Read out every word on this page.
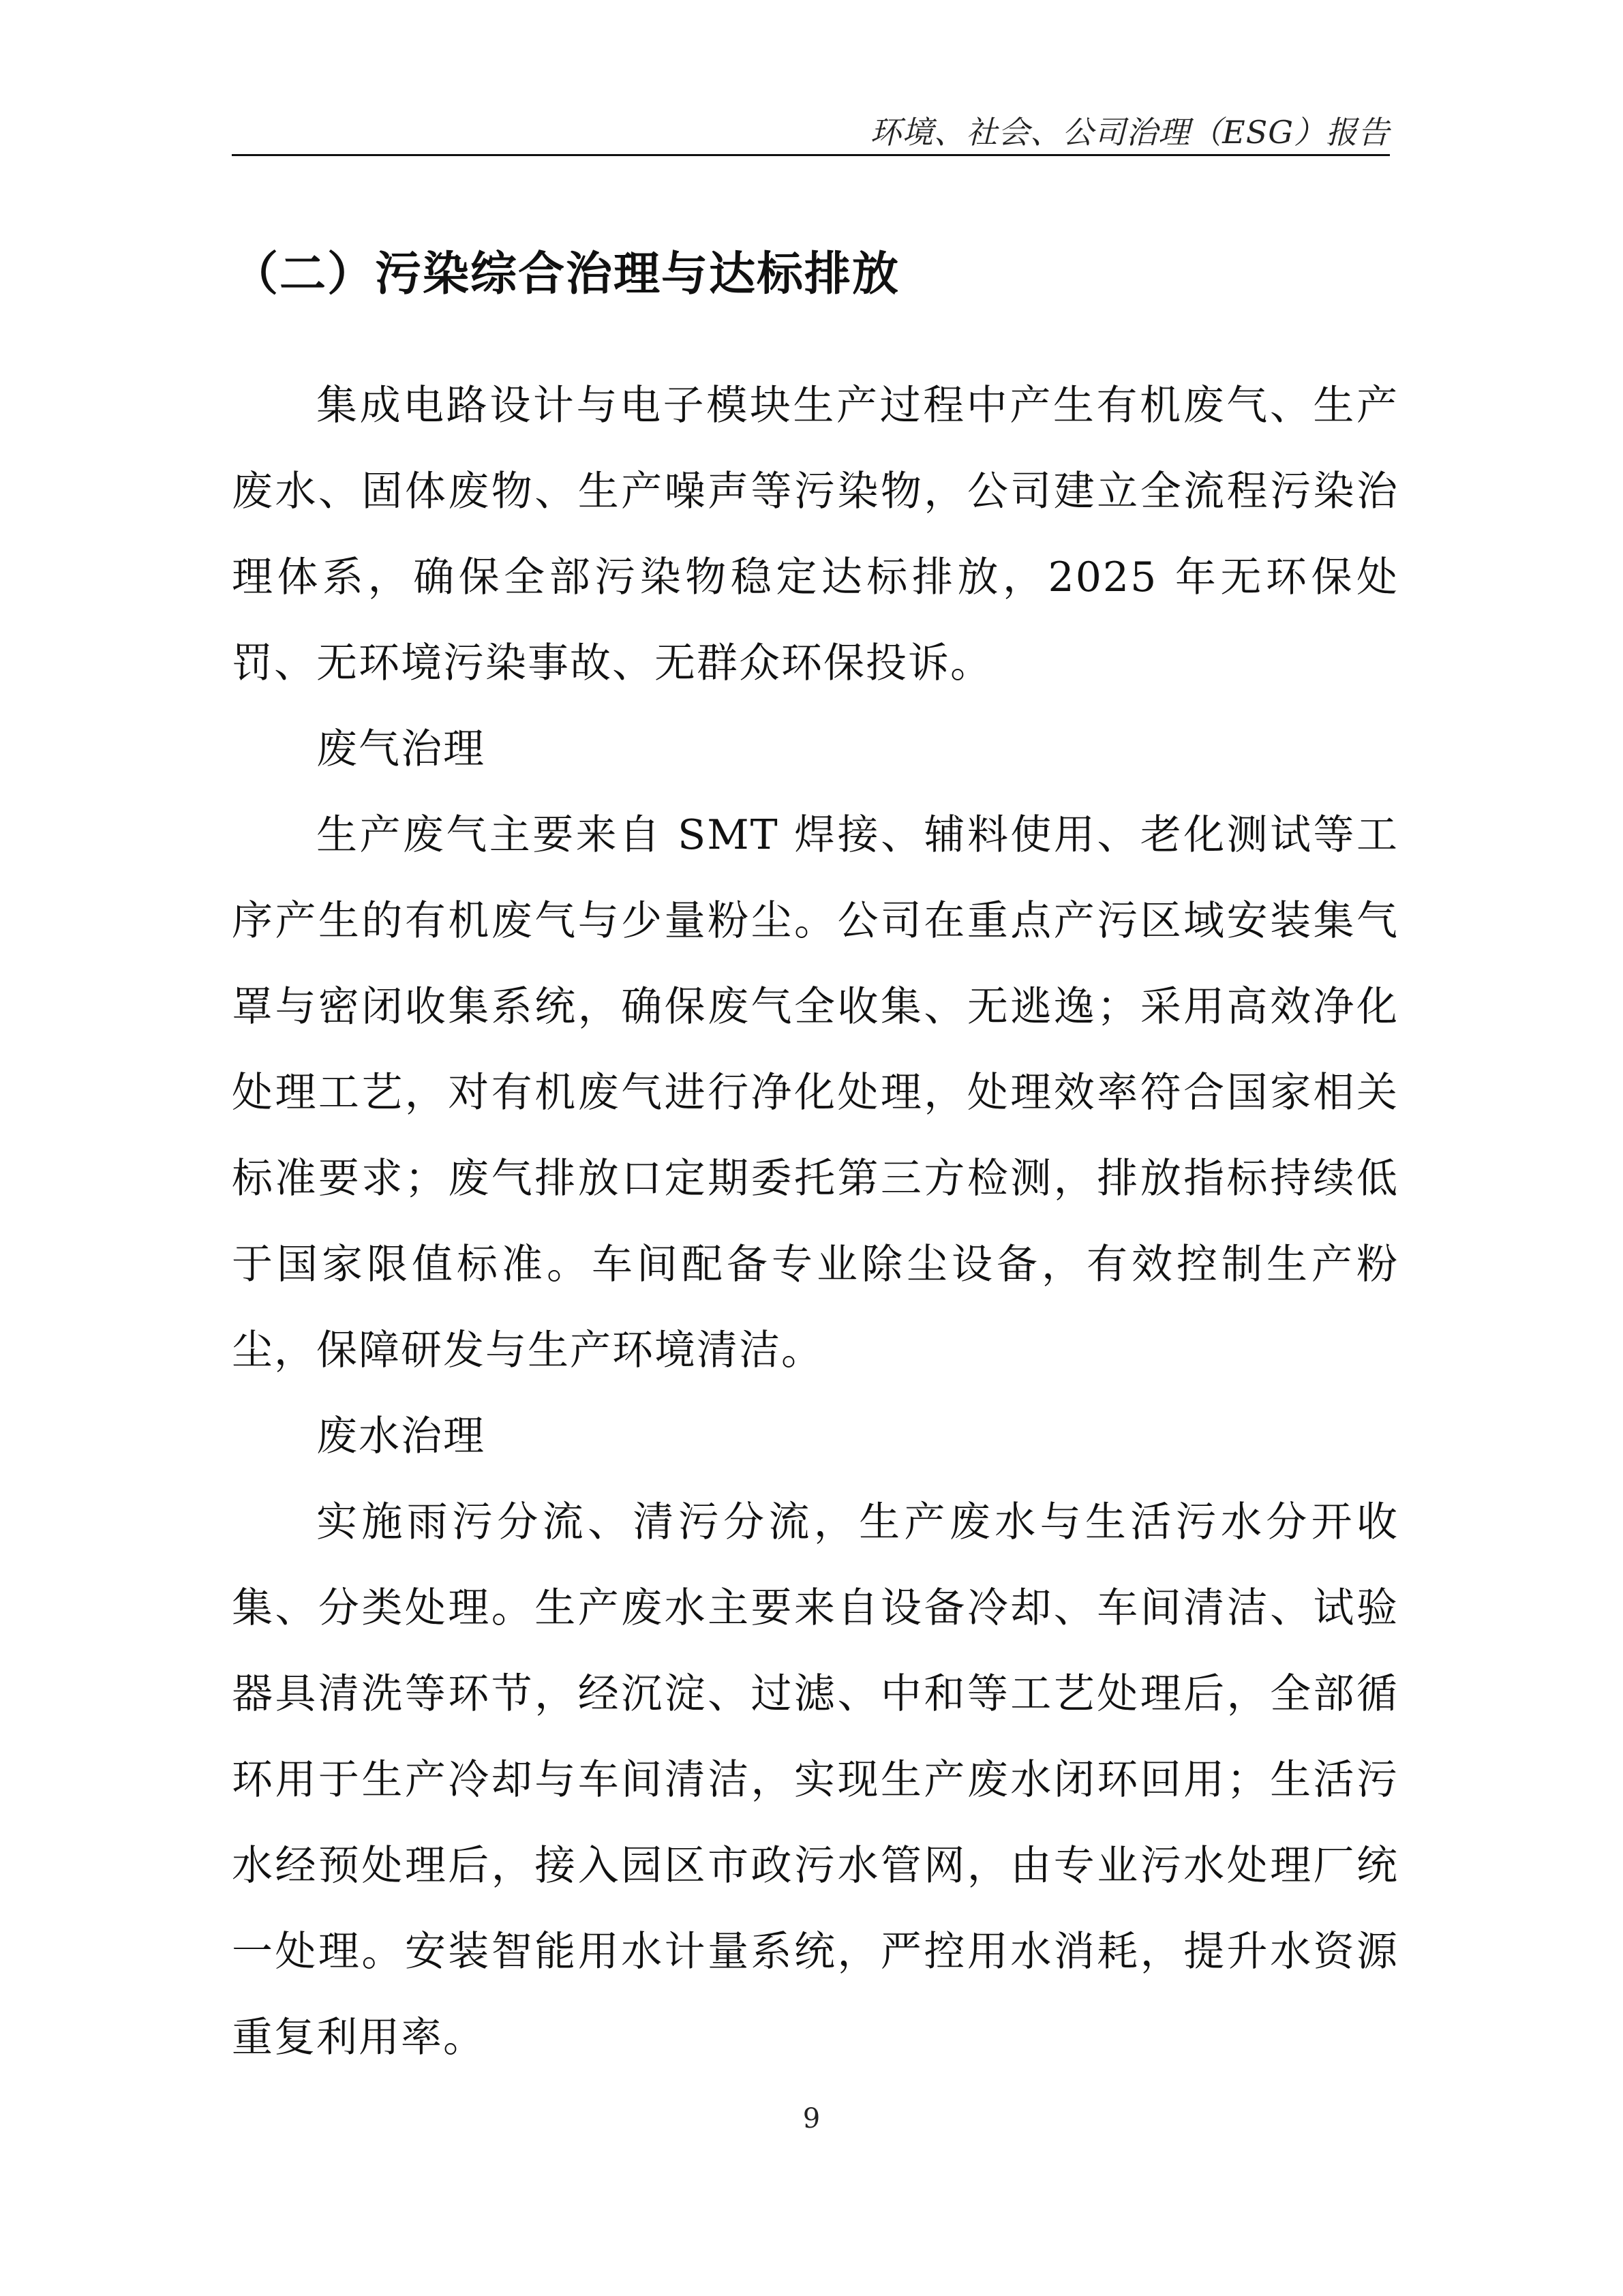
环境、社会、公司治理（ESG）报告
（二）污染综合治理与达标排放

集成电路设计与电子模块生产过程中产生有机废气、生产废水、固体废物、生产噪声等污染物，公司建立全流程污染治理体系，确保全部污染物稳定达标排放，2025 年无环保处罚、无环境污染事故、无群众环保投诉。

废气治理

生产废气主要来自 SMT 焊接、辅料使用、老化测试等工序产生的有机废气与少量粉尘。公司在重点产污区域安装集气罩与密闭收集系统，确保废气全收集、无逃逸；采用高效净化处理工艺，对有机废气进行净化处理，处理效率符合国家相关标准要求；废气排放口定期委托第三方检测，排放指标持续低于国家限值标准。车间配备专业除尘设备，有效控制生产粉尘，保障研发与生产环境清洁。

废水治理

实施雨污分流、清污分流，生产废水与生活污水分开收集、分类处理。生产废水主要来自设备冷却、车间清洁、试验器具清洗等环节，经沉淀、过滤、中和等工艺处理后，全部循环用于生产冷却与车间清洁，实现生产废水闭环回用；生活污水经预处理后，接入园区市政污水管网，由专业污水处理厂统一处理。安装智能用水计量系统，严控用水消耗，提升水资源重复利用率。

9
